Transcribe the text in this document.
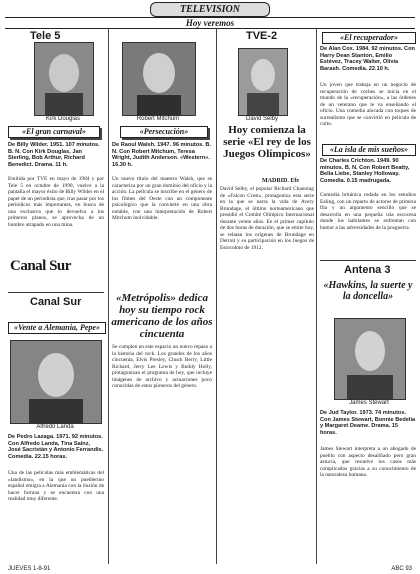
TELEVISION
Hoy veremos
Tele 5	TVE-2
Kirk Douglas	Robert Mitchum	David Selby
«El gran carnaval»
De Billy Wilder. 1951. 107 minutos. B. N. Con Kirk Douglas, Jan Sterling, Bob Arthur, Richard Benedict. Drama. 11 h.
Emitida por TVE en mayo de 1984 y por Tele 5 en octubre de 1990, vuelve a la pantalla el mayor éxito de Billy Wilder en el papel de un periodista que, tras pasar por los periódicos más importantes, en busca de una exclusiva que lo devuelva a los primeros planos, se aprovecha de un hombre atrapado en una mina.
Canal Sur
Canal Sur
«Vente a Alemania, Pepe»
Alfredo Landa
De Pedro Lazaga. 1971. 92 minutos. Con Alfredo Landa, Tina Sainz, José Sacristán y Antonio Ferrandis. Comedia. 22.15 horas.
Una de las películas más emblemáticas del «landismo», en la que un pueblerino español emigra a Alemania con la ilusión de hacer fortuna y se encuentra con una realidad muy diferente.
«Persecución»
De Raoul Walsh. 1947. 96 minutos. B. N. Con Robert Mitchum, Teresa Wright, Judith Anderson. «Western». 16.30 h.
Un nuevo título del maestro Walsh, que se caracteriza por un gran dominio del oficio y la acción. La película se inscribe en el género de los filmes del Oeste con un componente psicológico que la convierte en una obra notable, con una interpretación de Robert Mitchum inolvidable.
«Metrópolis» dedica hoy su tiempo rock americano de los años cincuenta
Se cumplen en este espacio un nuevo repaso a la historia del rock. Los grandes de los años cincuenta, Elvis Presley, Chuck Berry, Little Richard, Jerry Lee Lewis y Buddy Holly, protagonizan el programa de hoy, que incluye imágenes de archivo y actuaciones poco conocidas de estos pioneros del género.
Hoy comienza la serie «El rey de los Juegos Olímpicos»
MADRID. Efe
David Selby, el popular Richard Channing de «Falcon Crest», protagoniza esta serie en la que se narra la vida de Avery Brundage, el último norteamericano que presidió el Comité Olímpico Internacional durante veinte años. En el primer capítulo de dos horas de duración, que se emite hoy, se relatan los orígenes de Brundage en Detroit y su participación en los Juegos de Estocolmo de 1912.
«El recuperador»
De Alan Cox. 1984. 92 minutos. Con Harry Dean Stanton, Emilio Estévez, Tracey Walter, Olivia Barash. Comedia. 22.10 h.
Un joven que trabaja en un negocio de recuperación de coches se inicia en el mundo de la «recuperación», a las órdenes de un veterano que le va enseñando el oficio. Una comedia alocada con toques de surrealismo que se convirtió en película de culto.
«La isla de mis sueños»
De Charles Crichton. 1949. 90 minutos. B. N. Con Robert Beatty, Bella Liebe, Stanley Holloway. Comedia. 0.15 madrugada.
Comedia británica rodada en los estudios Ealing, con un reparto de actores de primera fila y un argumento sencillo que se desarrolla en una pequeña isla escocesa donde los habitantes se enfrentan con humor a las adversidades de la posguerra.
Antena 3
«Hawkins, la suerte y la doncella»
James Stewart
De Jud Taylor. 1973. 74 minutos. Con James Stewart, Bonnie Bedelia y Margaret Deame. Drama. 15 horas.
James Stewart interpreta a un abogado de pueblo con aspecto desaliñado pero gran astucia, que resuelve los casos más complicados gracias a su conocimiento de la naturaleza humana.
JUEVES 1-8-91	ABC 93
